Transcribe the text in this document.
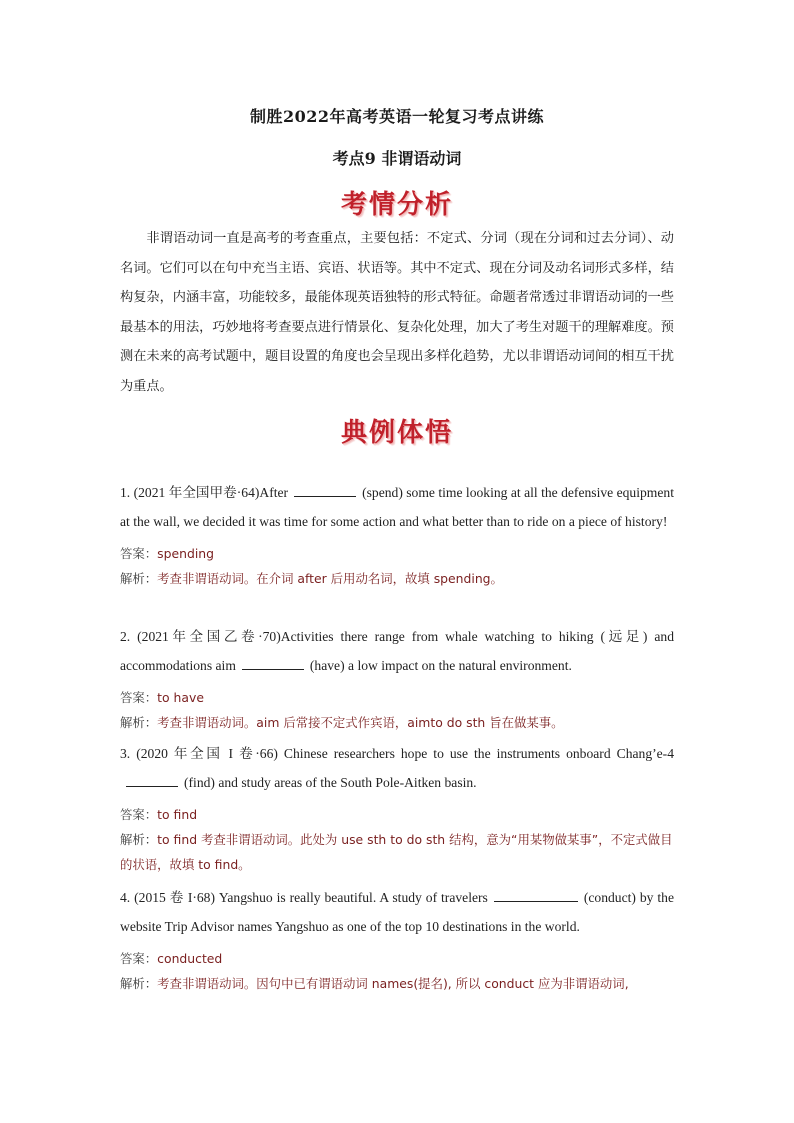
制胜2022年高考英语一轮复习考点讲练
考点9 非谓语动词
考情分析
非谓语动词一直是高考的考查重点，主要包括：不定式、分词（现在分词和过去分词）、动名词。它们可以在句中充当主语、宾语、状语等。其中不定式、现在分词及动名词形式多样，结构复杂，内涵丰富，功能较多，最能体现英语独特的形式特征。命题者常透过非谓语动词的一些最基本的用法，巧妙地将考查要点进行情景化、复杂化处理，加大了考生对题干的理解难度。预测在未来的高考试题中，题目设置的角度也会呈现出多样化趋势，尤以非谓语动词间的相互干扰为重点。
典例体悟
1. (2021 年全国甲卷·64)After	(spend) some time looking at all the defensive equipment at the wall, we decided it was time for some action and what better than to ride on a piece of history!
答案：spending
解析：考查非谓语动词。在介词 after 后用动名词，故填 spending。
2. (2021年全国乙卷·70)Activities there range from whale watching to hiking (远足) and accommodations aim	(have) a low impact on the natural environment.
答案：to have
解析：考查非谓语动词。aim 后常接不定式作宾语，aimto do sth 旨在做某事。
3. (2020 年全国 I 卷·66) Chinese researchers hope to use the instruments onboard Chang’e-4(find) and study areas of the South Pole-Aitken basin.
答案：to find
解析：to find 考查非谓语动词。此处为 use sth to do sth 结构，意为“用某物做某事”，不定式做目的状语，故填 to find。
4. (2015 卷 I·68) Yangshuo is really beautiful. A study of travelers	(conduct) by the website Trip Advisor names Yangshuo as one of the top 10 destinations in the world.
答案：conducted
解析：考查非谓语动词。因句中已有谓语动词 names(提名), 所以 conduct 应为非谓语动词,
